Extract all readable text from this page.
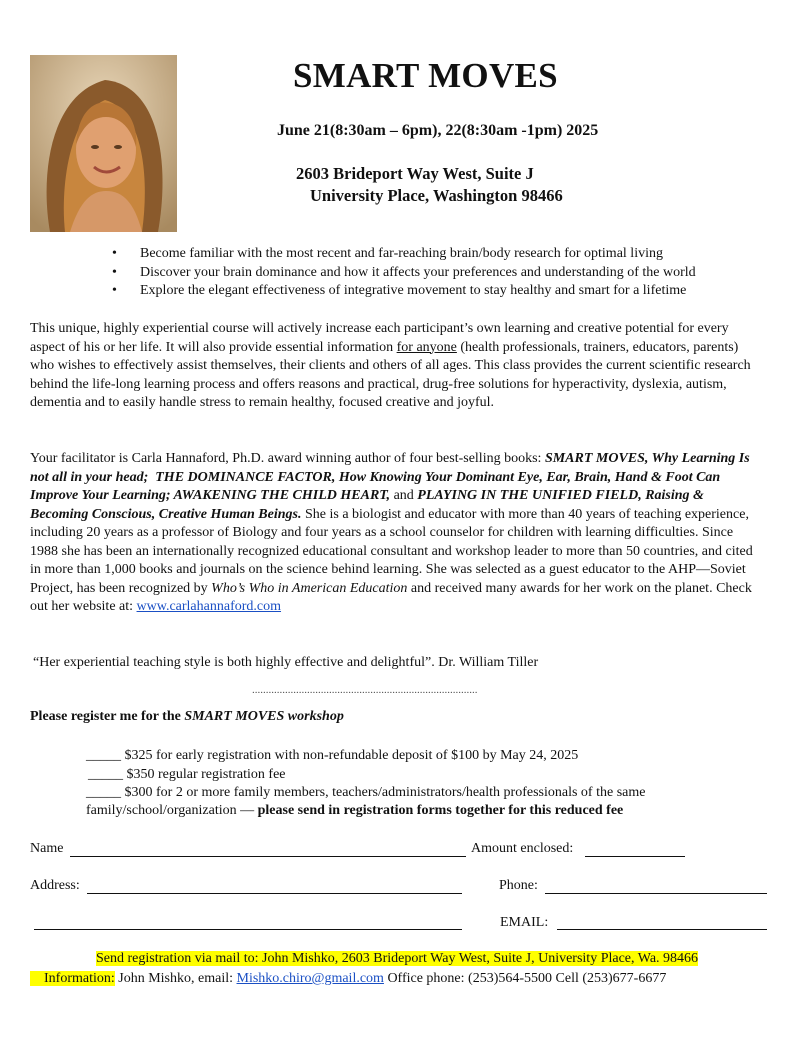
SMART MOVES
June 21(8:30am – 6pm), 22(8:30am -1pm) 2025
2603 Brideport Way West, Suite J
University Place, Washington 98466
•	Become familiar with the most recent and far-reaching brain/body research for optimal living
•	Discover your brain dominance and how it affects your preferences and understanding of the world
•	Explore the elegant effectiveness of integrative movement to stay healthy and smart for a lifetime
This unique, highly experiential course will actively increase each participant’s own learning and creative potential for every aspect of his or her life. It will also provide essential information for anyone (health professionals, trainers, educators, parents) who wishes to effectively assist themselves, their clients and others of all ages. This class provides the current scientific research behind the life-long learning process and offers reasons and practical, drug-free solutions for hyperactivity, dyslexia, autism, dementia and to easily handle stress to remain healthy, focused creative and joyful.
Your facilitator is Carla Hannaford, Ph.D. award winning author of four best-selling books: SMART MOVES, Why Learning Is not all in your head; THE DOMINANCE FACTOR, How Knowing Your Dominant Eye, Ear, Brain, Hand & Foot Can Improve Your Learning; AWAKENING THE CHILD HEART, and PLAYING IN THE UNIFIED FIELD, Raising & Becoming Conscious, Creative Human Beings. She is a biologist and educator with more than 40 years of teaching experience, including 20 years as a professor of Biology and four years as a school counselor for children with learning difficulties. Since 1988 she has been an internationally recognized educational consultant and workshop leader to more than 50 countries, and cited in more than 1,000 books and journals on the science behind learning. She was selected as a guest educator to the AHP—Soviet Project, has been recognized by Who’s Who in American Education and received many awards for her work on the planet. Check out her website at: www.carlahannaford.com
“Her experiential teaching style is both highly effective and delightful”. Dr. William Tiller
..................................................................................
Please register me for the SMART MOVES workshop
_____ $325 for early registration with non-refundable deposit of $100 by May 24, 2025
_____ $350 regular registration fee
_____ $300 for 2 or more family members, teachers/administrators/health professionals of the same
family/school/organization — please send in registration forms together for this reduced fee
Name	Amount enclosed:
Address:	Phone:
EMAIL:
Send registration via mail to: John Mishko, 2603 Brideport Way West, Suite J, University Place, Wa. 98466
Information: John Mishko, email: Mishko.chiro@gmail.com Office phone: (253)564-5500 Cell (253)677-6677
